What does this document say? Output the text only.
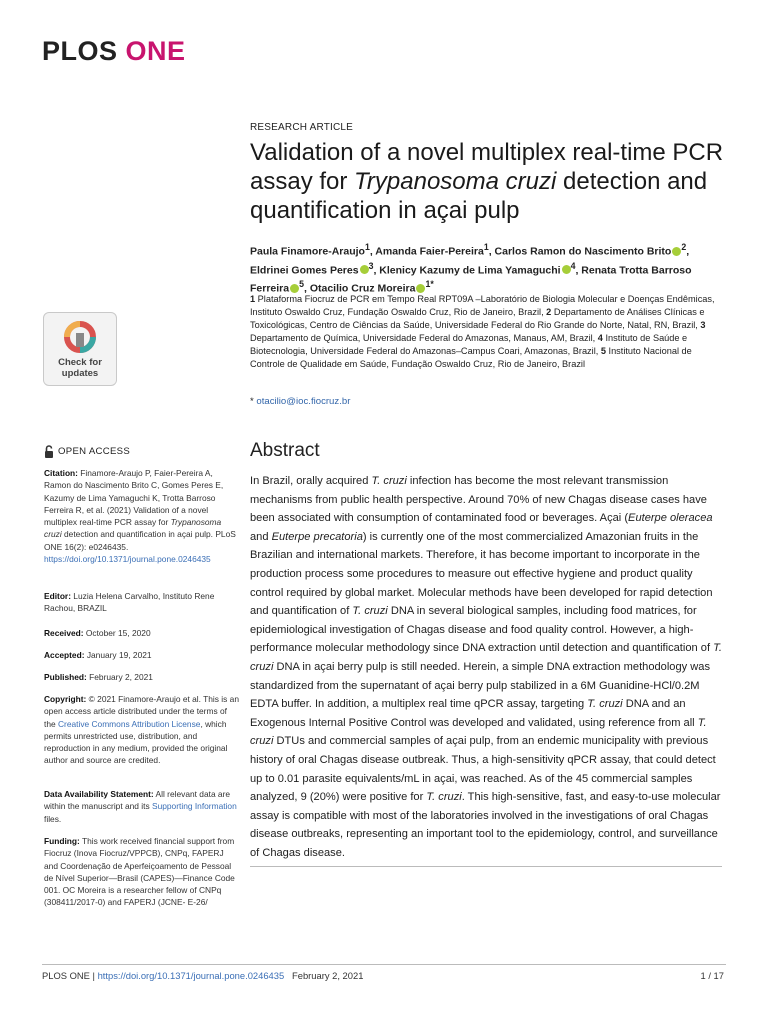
PLOS ONE
RESEARCH ARTICLE
Validation of a novel multiplex real-time PCR assay for Trypanosoma cruzi detection and quantification in açai pulp
Paula Finamore-Araujo$^1$, Amanda Faier-Pereira$^1$, Carlos Ramon do Nascimento Brito $^2$, Eldrinei Gomes Peres $^3$, Klenicy Kazumy de Lima Yamaguchi $^4$, Renata Trotta Barroso Ferreira $^5$, Otacilio Cruz Moreira $^{1*}$
1 Plataforma Fiocruz de PCR em Tempo Real RPT09A –Laboratório de Biologia Molecular e Doenças Endêmicas, Instituto Oswaldo Cruz, Fundação Oswaldo Cruz, Rio de Janeiro, Brazil, 2 Departamento de Análises Clínicas e Toxicológicas, Centro de Ciências da Saúde, Universidade Federal do Rio Grande do Norte, Natal, RN, Brazil, 3 Departamento de Química, Universidade Federal do Amazonas, Manaus, AM, Brazil, 4 Instituto de Saúde e Biotecnologia, Universidade Federal do Amazonas–Campus Coari, Amazonas, Brazil, 5 Instituto Nacional de Controle de Qualidade em Saúde, Fundação Oswaldo Cruz, Rio de Janeiro, Brazil
* otacilio@ioc.fiocruz.br
Check for
updates
OPEN ACCESS
Citation: Finamore-Araujo P, Faier-Pereira A, Ramon do Nascimento Brito C, Gomes Peres E, Kazumy de Lima Yamaguchi K, Trotta Barroso Ferreira R, et al. (2021) Validation of a novel multiplex real-time PCR assay for Trypanosoma cruzi detection and quantification in açai pulp. PLoS ONE 16(2): e0246435. https://doi.org/10.1371/journal.pone.0246435
Editor: Luzia Helena Carvalho, Instituto Rene Rachou, BRAZIL
Received: October 15, 2020
Accepted: January 19, 2021
Published: February 2, 2021
Copyright: © 2021 Finamore-Araujo et al. This is an open access article distributed under the terms of the Creative Commons Attribution License, which permits unrestricted use, distribution, and reproduction in any medium, provided the original author and source are credited.
Data Availability Statement: All relevant data are within the manuscript and its Supporting Information files.
Funding: This work received financial support from Fiocruz (Inova Fiocruz/VPPCB), CNPq, FAPERJ and Coordenação de Aperfeiçoamento de Pessoal de Nível Superior—Brasil (CAPES)—Finance Code 001. OC Moreira is a researcher fellow of CNPq (308411/2017-0) and FAPERJ (JCNE- E-26/
Abstract
In Brazil, orally acquired T. cruzi infection has become the most relevant transmission mechanisms from public health perspective. Around 70% of new Chagas disease cases have been associated with consumption of contaminated food or beverages. Açai (Euterpe oleracea and Euterpe precatoria) is currently one of the most commercialized Amazonian fruits in the Brazilian and international markets. Therefore, it has become important to incorporate in the production process some procedures to measure out effective hygiene and product quality control required by global market. Molecular methods have been developed for rapid detection and quantification of T. cruzi DNA in several biological samples, including food matrices, for epidemiological investigation of Chagas disease and food quality control. However, a high-performance molecular methodology since DNA extraction until detection and quantification of T. cruzi DNA in açai berry pulp is still needed. Herein, a simple DNA extraction methodology was standardized from the supernatant of açai berry pulp stabilized in a 6M Guanidine-HCl/0.2M EDTA buffer. In addition, a multiplex real time qPCR assay, targeting T. cruzi DNA and an Exogenous Internal Positive Control was developed and validated, using reference from all T. cruzi DTUs and commercial samples of açai pulp, from an endemic municipality with previous history of oral Chagas disease outbreak. Thus, a high-sensitivity qPCR assay, that could detect up to 0.01 parasite equivalents/mL in açai, was reached. As of the 45 commercial samples analyzed, 9 (20%) were positive for T. cruzi. This high-sensitive, fast, and easy-to-use molecular assay is compatible with most of the laboratories involved in the investigations of oral Chagas disease outbreaks, representing an important tool to the epidemiology, control, and surveillance of Chagas disease.
PLOS ONE | https://doi.org/10.1371/journal.pone.0246435   February 2, 2021	1 / 17
